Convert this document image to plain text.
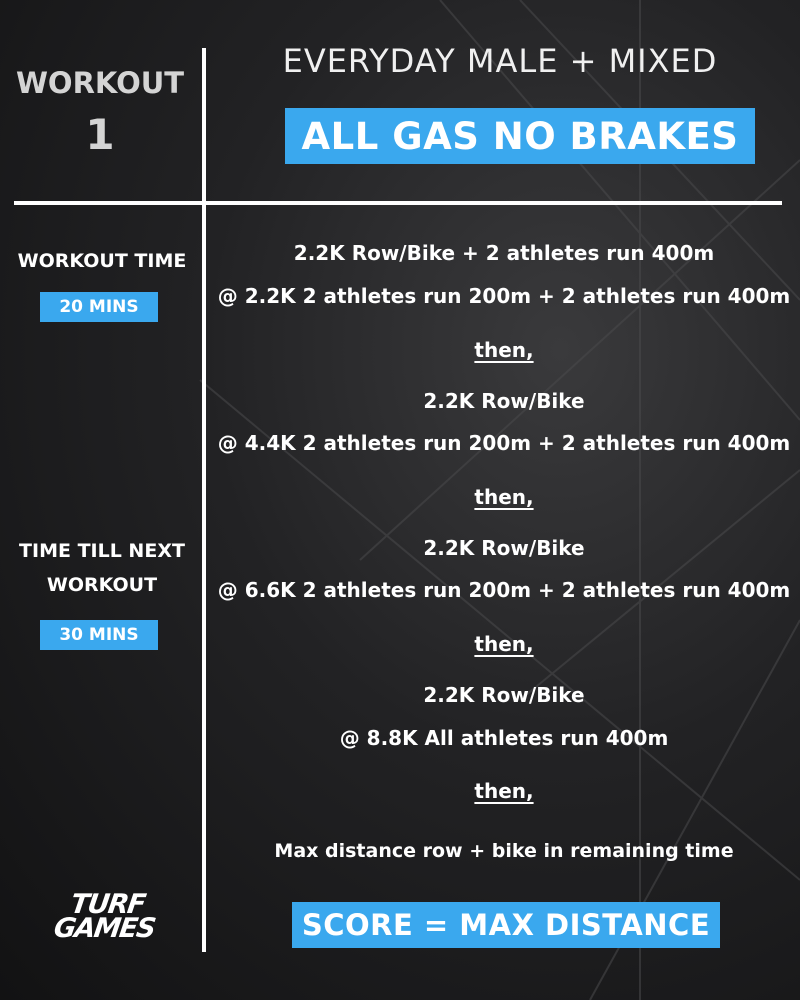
WORKOUT
1
EVERYDAY MALE + MIXED
ALL GAS NO BRAKES
WORKOUT TIME
20 MINS
TIME TILL NEXT
WORKOUT
30 MINS
2.2K Row/Bike + 2 athletes run 400m
@ 2.2K 2 athletes run 200m + 2 athletes run 400m
then,
2.2K Row/Bike
@ 4.4K 2 athletes run 200m + 2 athletes run 400m
then,
2.2K Row/Bike
@ 6.6K 2 athletes run 200m + 2 athletes run 400m
then,
2.2K Row/Bike
@ 8.8K All athletes run 400m
then,
Max distance row + bike in remaining time
SCORE = MAX DISTANCE
TURF
GAMES
